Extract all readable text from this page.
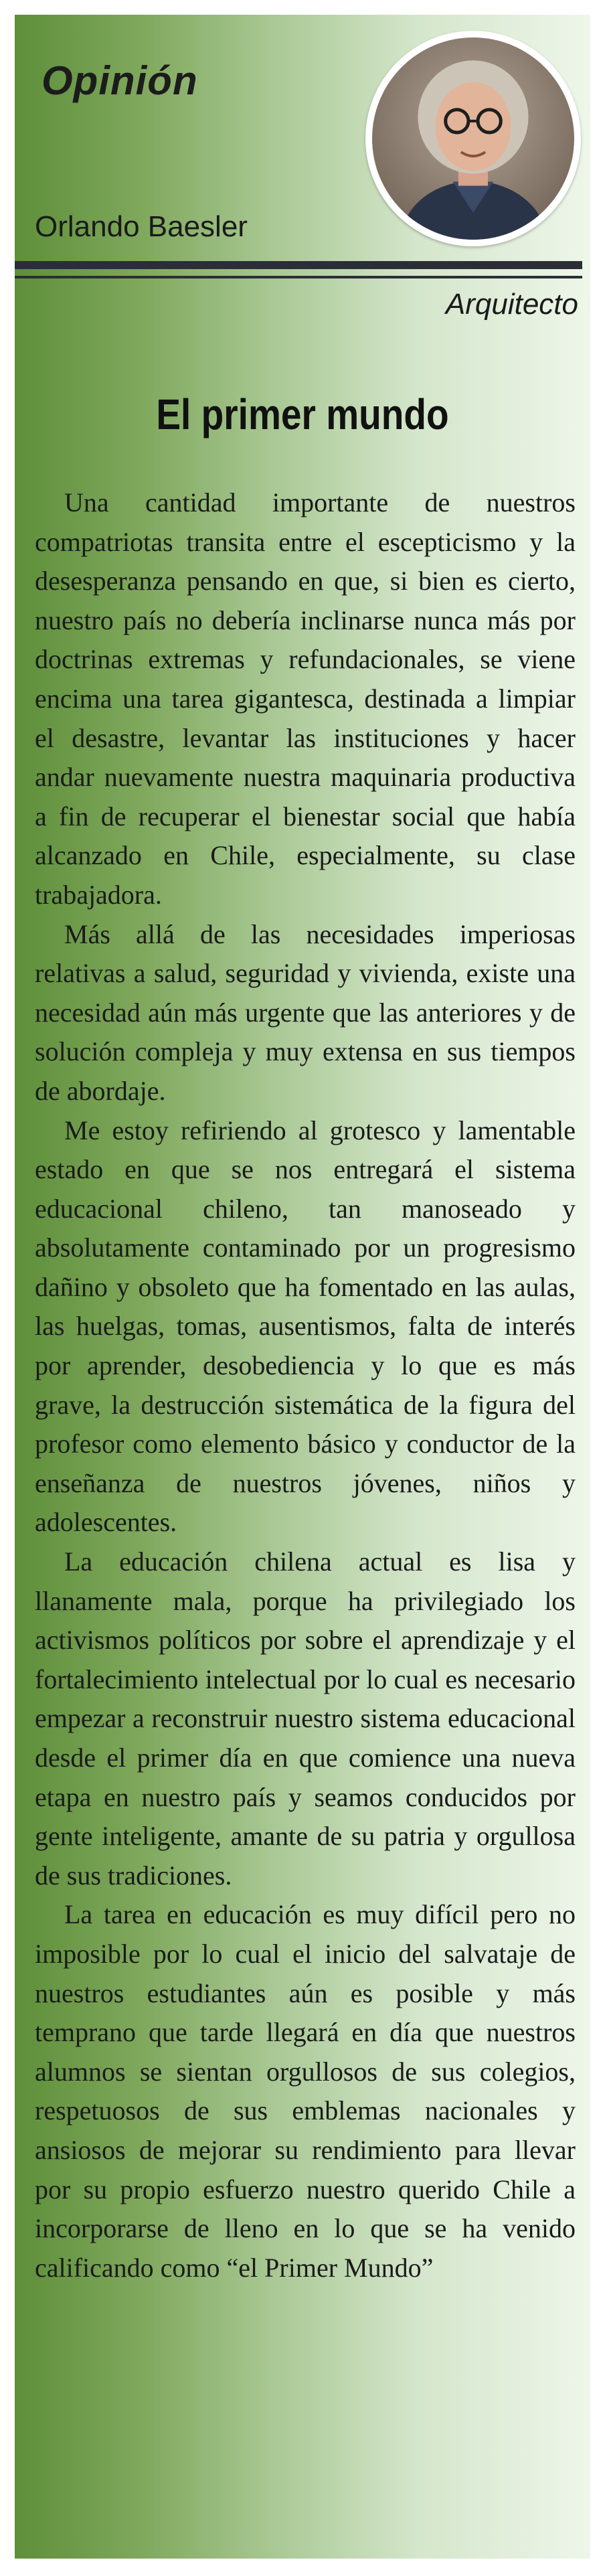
Opinión

Orlando Baesler

Arquitecto

El primer mundo

Una cantidad importante de nuestros compatriotas transita entre el escepticismo y la desesperanza pensando en que, si bien es cierto, nuestro país no debería inclinarse nunca más por doctrinas extremas y refundacionales, se viene encima una tarea gigantesca, destinada a limpiar el desastre, levantar las instituciones y hacer andar nuevamente nuestra maquinaria productiva a fin de recuperar el bienestar social que había alcanzado en Chile, especialmente, su clase trabajadora.

Más allá de las necesidades imperiosas relativas a salud, seguridad y vivienda, existe una necesidad aún más urgente que las anteriores y de solución compleja y muy extensa en sus tiempos de abordaje.

Me estoy refiriendo al grotesco y lamentable estado en que se nos entregará el sistema educacional chileno, tan manoseado y absolutamente contaminado por un progresismo dañino y obsoleto que ha fomentado en las aulas, las huelgas, tomas, ausentismos, falta de interés por aprender, desobediencia y lo que es más grave, la destrucción sistemática de la figura del profesor como elemento básico y conductor de la enseñanza de nuestros jóvenes, niños y adolescentes.

La educación chilena actual es lisa y llanamente mala, porque ha privilegiado los activismos políticos por sobre el aprendizaje y el fortalecimiento intelectual por lo cual es necesario empezar a reconstruir nuestro sistema educacional desde el primer día en que comience una nueva etapa en nuestro país y seamos conducidos por gente inteligente, amante de su patria y orgullosa de sus tradiciones.

La tarea en educación es muy difícil pero no imposible por lo cual el inicio del salvataje de nuestros estudiantes aún es posible y más temprano que tarde llegará en día que nuestros alumnos se sientan orgullosos de sus colegios, respetuosos de sus emblemas nacionales y ansiosos de mejorar su rendimiento para llevar por su propio esfuerzo nuestro querido Chile a incorporarse de lleno en lo que se ha venido calificando como “el Primer Mundo”
